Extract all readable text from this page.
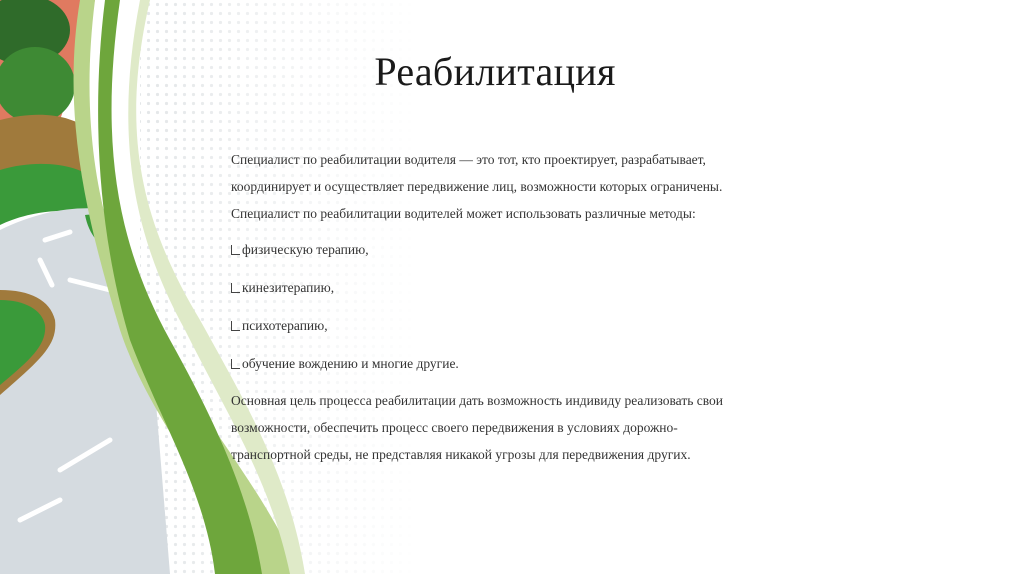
Реабилитация

Специалист по реабилитации водителя — это тот, кто проектирует, разрабатывает,
координирует и осуществляет передвижение лиц, возможности которых ограничены.
Специалист по реабилитации водителей может использовать различные методы:

физическую терапию,
кинезитерапию,
психотерапию,
обучение вождению и многие другие.

Основная цель процесса реабилитации дать возможность индивиду реализовать свои
возможности, обеспечить процесс своего передвижения в условиях дорожно-
транспортной среды, не представляя никакой угрозы для передвижения других.
